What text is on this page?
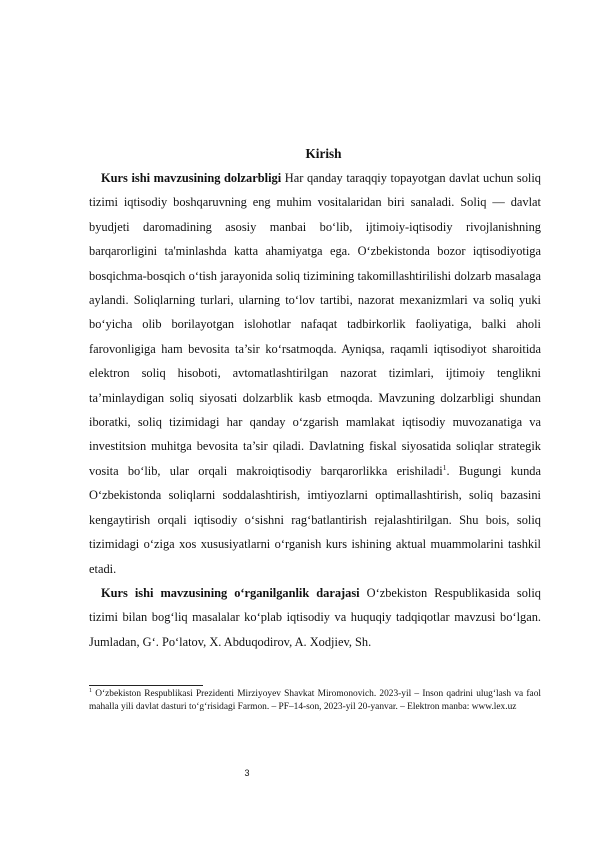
Kirish

Kurs ishi mavzusining dolzarbligi Har qanday taraqqiy topayotgan davlat uchun soliq tizimi iqtisodiy boshqaruvning eng muhim vositalaridan biri sanaladi. Soliq — davlat byudjeti daromadining asosiy manbai bo‘lib, ijtimoiy-iqtisodiy rivojlanishning barqarorligini ta'minlashda katta ahamiyatga ega. O‘zbekistonda bozor iqtisodiyotiga bosqichma-bosqich o‘tish jarayonida soliq tizimining takomillashtirilishi dolzarb masalaga aylandi. Soliqlarning turlari, ularning to‘lov tartibi, nazorat mexanizmlari va soliq yuki bo‘yicha olib borilayotgan islohotlar nafaqat tadbirkorlik faoliyatiga, balki aholi farovonligiga ham bevosita ta’sir ko‘rsatmoqda. Ayniqsa, raqamli iqtisodiyot sharoitida elektron soliq hisoboti, avtomatlashtirilgan nazorat tizimlari, ijtimoiy tenglikni ta’minlaydigan soliq siyosati dolzarblik kasb etmoqda. Mavzuning dolzarbligi shundan iboratki, soliq tizimidagi har qanday o‘zgarish mamlakat iqtisodiy muvozanatiga va investitsion muhitga bevosita ta’sir qiladi. Davlatning fiskal siyosatida soliqlar strategik vosita bo‘lib, ular orqali makroiqtisodiy barqarorlikka erishiladi$^1$. Bugungi kunda O‘zbekistonda soliqlarni soddalashtirish, imtiyozlarni optimallashtirish, soliq bazasini kengaytirish orqali iqtisodiy o‘sishni rag‘batlantirish rejalashtirilgan. Shu bois, soliq tizimidagi o‘ziga xos xususiyatlarni o‘rganish kurs ishining aktual muammolarini tashkil etadi.

Kurs ishi mavzusining o‘rganilganlik darajasi O‘zbekiston Respublikasida soliq tizimi bilan bog‘liq masalalar ko‘plab iqtisodiy va huquqiy tadqiqotlar mavzusi bo‘lgan. Jumladan, G‘. Po‘latov, X. Abduqodirov, A. Xodjiev, Sh.

$^1$ O‘zbekiston Respublikasi Prezidenti Mirziyoyev Shavkat Miromonovich. 2023-yil – Inson qadrini ulug‘lash va faol mahalla yili davlat dasturi to‘g‘risidagi Farmon. – PF–14-son, 2023-yil 20-yanvar. – Elektron manba: www.lex.uz
3
